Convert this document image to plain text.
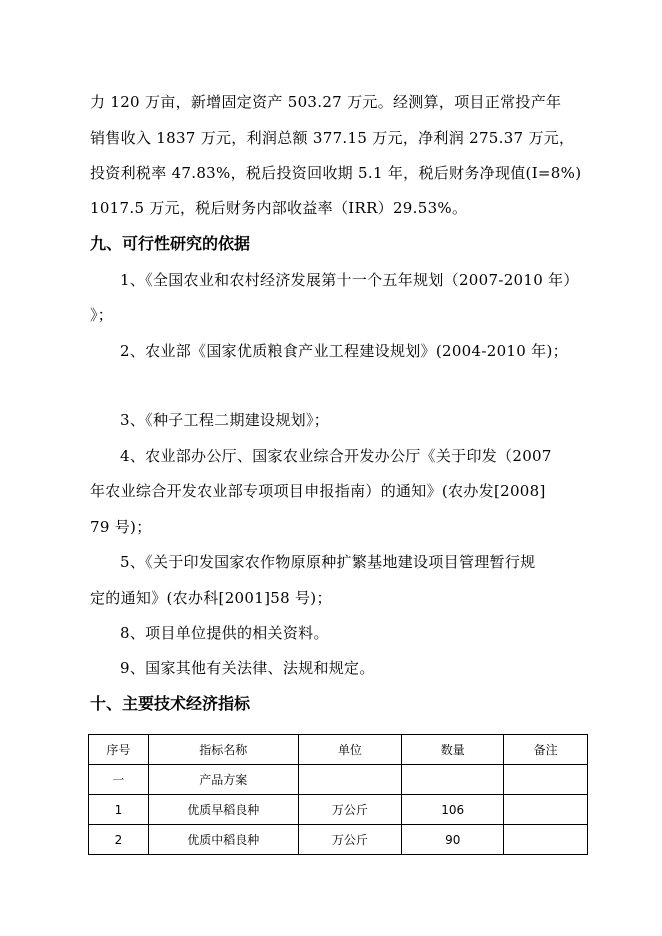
力 120 万亩，新增固定资产 503.27 万元。经测算，项目正常投产年
销售收入 1837 万元，利润总额 377.15 万元，净利润 275.37 万元，
投资利税率 47.83%，税后投资回收期 5.1 年，税后财务净现值(I=8%)
1017.5 万元，税后财务内部收益率（IRR）29.53%。
九、可行性研究的依据
1、《全国农业和农村经济发展第十一个五年规划（2007-2010 年）
》；
2、农业部《国家优质粮食产业工程建设规划》(2004-2010 年)；
3、《种子工程二期建设规划》；
4、农业部办公厅、国家农业综合开发办公厅《关于印发（2007
年农业综合开发农业部专项项目申报指南）的通知》(农办发[2008]
79 号)；
5、《关于印发国家农作物原原种扩繁基地建设项目管理暂行规
定的通知》(农办科[2001]58 号)；
8、项目单位提供的相关资料。
9、国家其他有关法律、法规和规定。
十、主要技术经济指标
序号	指标名称	单位	数量	备注
一	产品方案			
1	优质早稻良种	万公斤	106	
2	优质中稻良种	万公斤	90	
